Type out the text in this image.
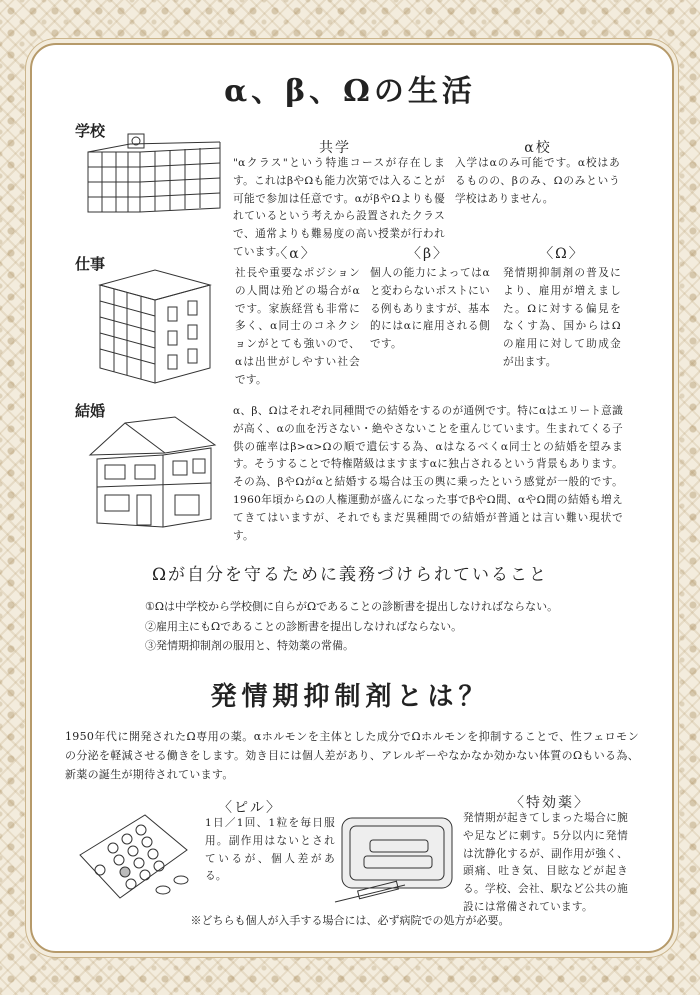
α、β、Ωの生活
学校
共学
"αクラス"という特進コースが存在します。これはβやΩも能力次第では入ることが可能で参加は任意です。αがβやΩよりも優れているという考えから設置されたクラスで、通常よりも難易度の高い授業が行われています。
α校
入学はαのみ可能です。α校はあるものの、βのみ、Ωのみという学校はありません。
仕事
〈α〉
社長や重要なポジションの人間は殆どの場合がαです。家族経営も非常に多く、α同士のコネクションがとても強いので、αは出世がしやすい社会です。
〈β〉
個人の能力によってはαと変わらないポストにいる例もありますが、基本的にはαに雇用される側です。
〈Ω〉
発情期抑制剤の普及により、雇用が増えました。Ωに対する偏見をなくす為、国からはΩの雇用に対して助成金が出ます。
結婚	α、β、Ωはそれぞれ同種間での結婚をするのが通例です。特にαはエリート意識が高く、αの血を汚さない・絶やさないことを重んじています。生まれてくる子供の確率はβ>α>Ωの順で遺伝する為、αはなるべくα同士との結婚を望みます。そうすることで特権階級はますますαに独占されるという背景もあります。その為、βやΩがαと結婚する場合は玉の輿に乗ったという感覚が一般的です。1960年頃からΩの人権運動が盛んになった事でβやΩ間、αやΩ間の結婚も増えてきてはいますが、それでもまだ異種間での結婚が普通とは言い難い現状です。
Ωが自分を守るために義務づけられていること
①Ωは中学校から学校側に自らがΩであることの診断書を提出しなければならない。
②雇用主にもΩであることの診断書を提出しなければならない。
③発情期抑制剤の服用と、特効薬の常備。
発情期抑制剤とは？
1950年代に開発されたΩ専用の薬。αホルモンを主体とした成分でΩホルモンを抑制することで、性フェロモンの分泌を軽減させる働きをします。効き目には個人差があり、アレルギーやなかなか効かない体質のΩもいる為、新薬の誕生が期待されています。
〈ピル〉
1日／1回、1粒を毎日服用。副作用はないとされているが、個人差がある。
〈特効薬〉
発情期が起きてしまった場合に腕や足などに刺す。5分以内に発情は沈静化するが、副作用が強く、頭痛、吐き気、目眩などが起きる。学校、会社、駅など公共の施設には常備されています。
※どちらも個人が入手する場合には、必ず病院での処方が必要。
